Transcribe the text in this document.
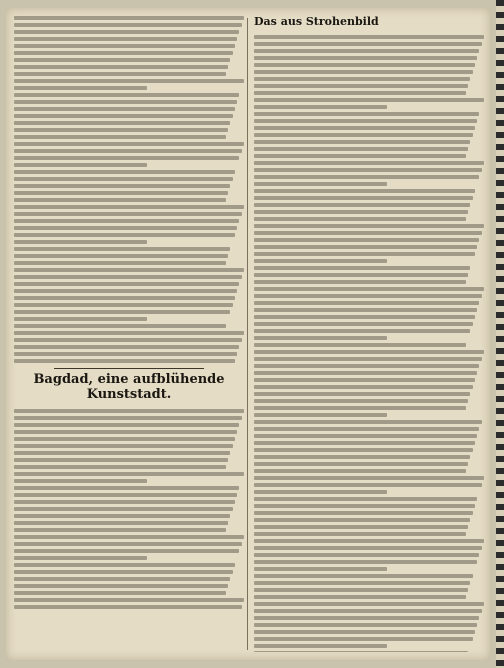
Bagdad, eine aufblühende Kunststadt.
Das aus Strohenbild
